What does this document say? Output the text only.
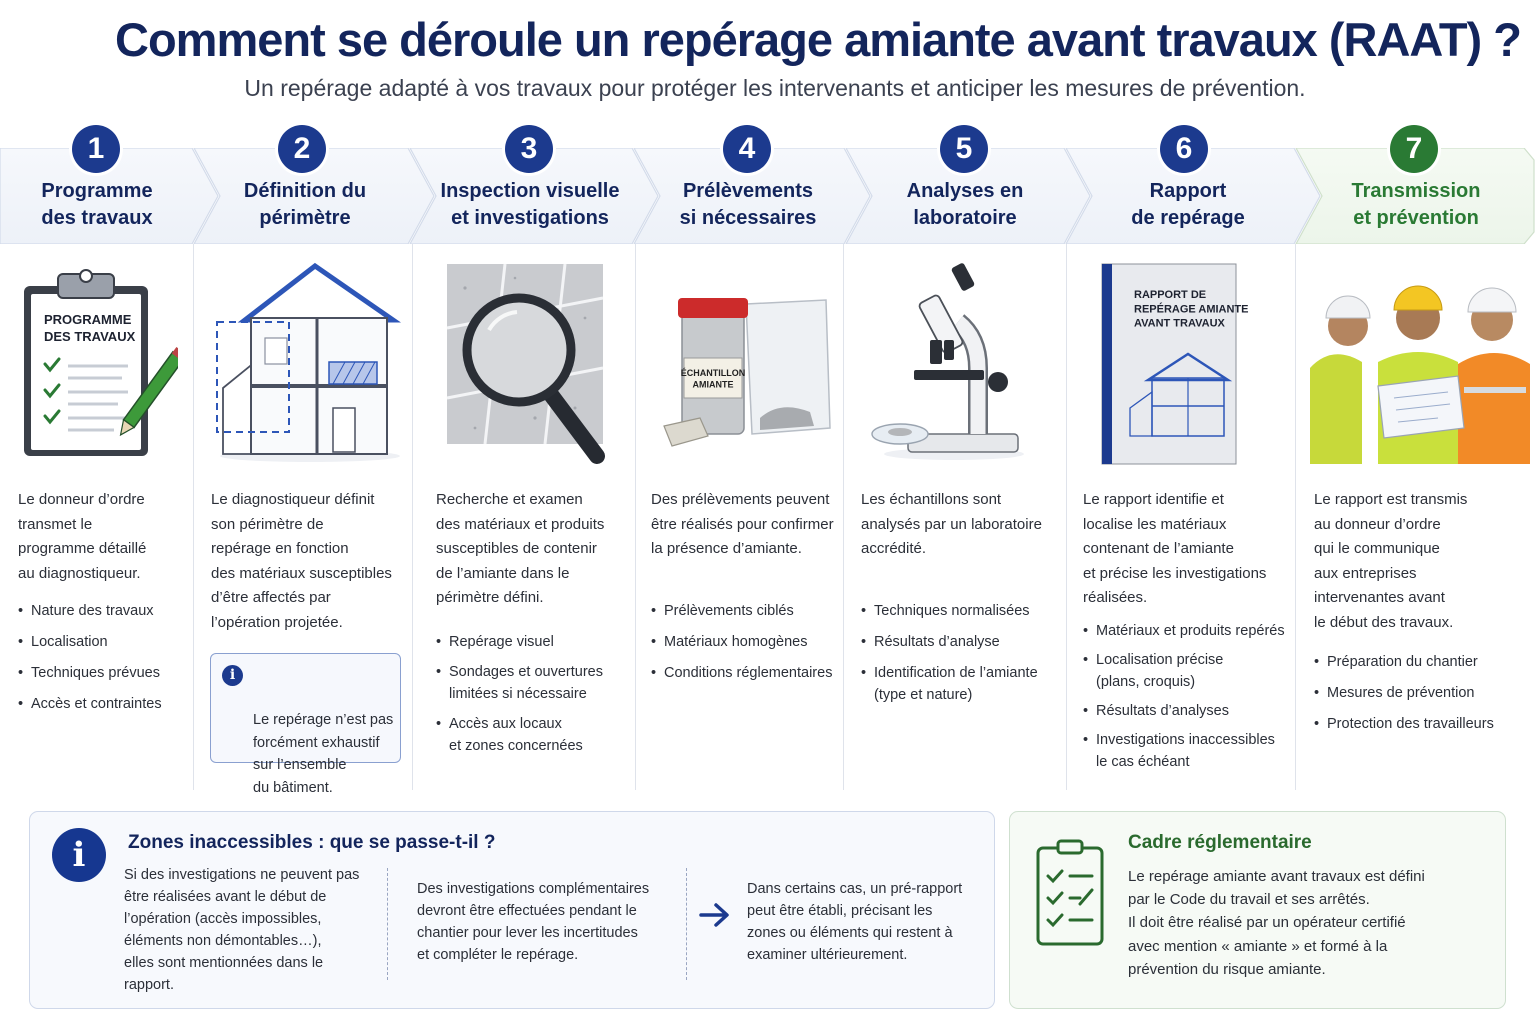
Comment se déroule un repérage amiante avant travaux (RAAT) ?
Un repérage adapté à vos travaux pour protéger les intervenants et anticiper les mesures de prévention.
1	2	3	4	5	6	7
Programme
des travaux
Définition du
périmètre
Inspection visuelle
et investigations
Prélèvements
si nécessaires
Analyses en
laboratoire
Rapport
de repérage
Transmission
et prévention
PROGRAMME DES TRAVAUX
ÉCHANTILLON AMIANTE
RAPPORT DE REPÉRAGE AMIANTE AVANT TRAVAUX
Le donneur d’ordre
transmet le
programme détaillé
au diagnostiqueur.
Le diagnostiqueur définit
son périmètre de
repérage en fonction
des matériaux susceptibles
d’être affectés par
l’opération projetée.
Recherche et examen
des matériaux et produits
susceptibles de contenir
de l’amiante dans le
périmètre défini.
Des prélèvements peuvent
être réalisés pour confirmer
la présence d’amiante.
Les échantillons sont
analysés par un laboratoire
accrédité.
Le rapport identifie et
localise les matériaux
contenant de l’amiante
et précise les investigations
réalisées.
Le rapport est transmis
au donneur d’ordre
qui le communique
aux entreprises
intervenantes avant
le début des travaux.
• Nature des travaux
• Localisation
• Techniques prévues
• Accès et contraintes

i

Le repérage n’est pas
forcément exhaustif
sur l’ensemble
du bâtiment.

• Repérage visuel
• Sondages et ouvertures
limitées si nécessaire
• Accès aux locaux
et zones concernées
• Prélèvements ciblés
• Matériaux homogènes
• Conditions réglementaires
• Techniques normalisées
• Résultats d’analyse
• Identification de l’amiante
(type et nature)
• Matériaux et produits repérés
• Localisation précise
(plans, croquis)
• Résultats d’analyses
• Investigations inaccessibles
le cas échéant
• Préparation du chantier
• Mesures de prévention
• Protection des travailleurs
i	Zones inaccessibles : que se passe-t-il ?
Si des investigations ne peuvent pas
être réalisées avant le début de
l’opération (accès impossibles,
éléments non démontables…),
elles sont mentionnées dans le
rapport.
Des investigations complémentaires
devront être effectuées pendant le
chantier pour lever les incertitudes
et compléter le repérage.
Dans certains cas, un pré-rapport
peut être établi, précisant les
zones ou éléments qui restent à
examiner ultérieurement.
Cadre réglementaire
Le repérage amiante avant travaux est défini
par le Code du travail et ses arrêtés.
Il doit être réalisé par un opérateur certifié
avec mention « amiante » et formé à la
prévention du risque amiante.
